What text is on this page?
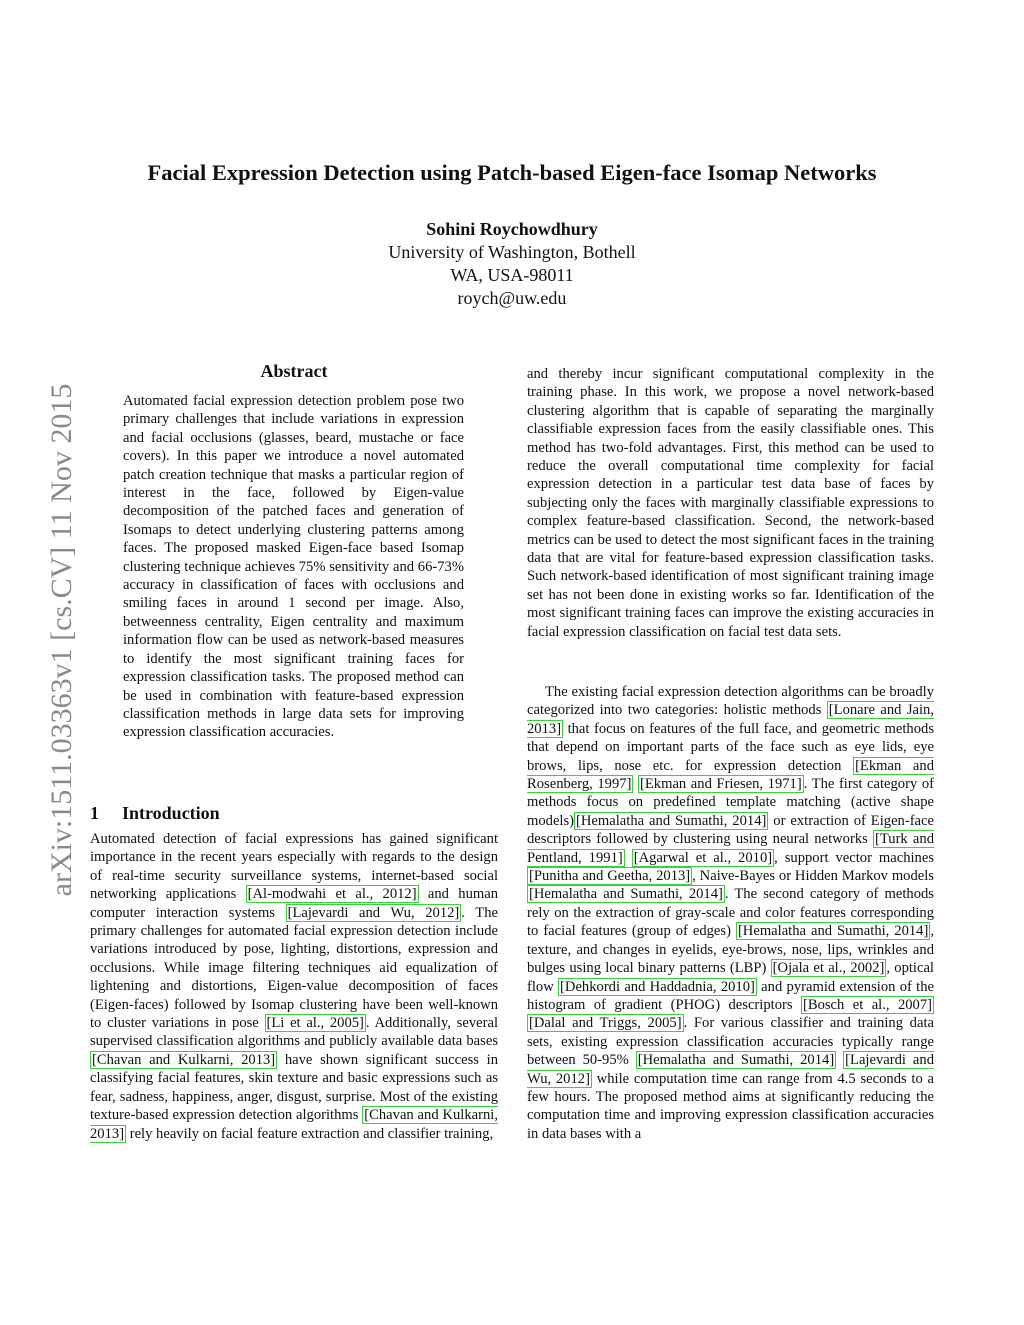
arXiv:1511.03363v1 [cs.CV] 11 Nov 2015
Facial Expression Detection using Patch-based Eigen-face Isomap Networks
Sohini Roychowdhury
University of Washington, Bothell
WA, USA-98011
roych@uw.edu
Abstract
Automated facial expression detection problem pose two primary challenges that include variations in expression and facial occlusions (glasses, beard, mustache or face covers). In this paper we introduce a novel automated patch creation technique that masks a particular region of interest in the face, followed by Eigen-value decomposition of the patched faces and generation of Isomaps to detect underlying clustering patterns among faces. The proposed masked Eigen-face based Isomap clustering technique achieves 75% sensitivity and 66-73% accuracy in classification of faces with occlusions and smiling faces in around 1 second per image. Also, betweenness centrality, Eigen centrality and maximum information flow can be used as network-based measures to identify the most significant training faces for expression classification tasks. The proposed method can be used in combination with feature-based expression classification methods in large data sets for improving expression classification accuracies.
1 Introduction

Automated detection of facial expressions has gained significant importance in the recent years especially with regards to the design of real-time security surveillance systems, internet-based social networking applications [Al-modwahi et al., 2012] and human computer interaction systems [Lajevardi and Wu, 2012] . The primary challenges for automated facial expression detection include variations introduced by pose, lighting, distortions, expression and occlusions. While image filtering techniques aid equalization of lightening and distortions, Eigen-value decomposition of faces (Eigen-faces) followed by Isomap clustering have been well-known to cluster variations in pose [Li et al., 2005] . Additionally, several supervised classification algorithms and publicly available data bases [Chavan and Kulkarni, 2013] have shown significant success in classifying facial features, skin texture and basic expressions such as fear, sadness, happiness, anger, disgust, surprise. Most of the existing texture-based expression detection algorithms [Chavan and Kulkarni, 2013] rely heavily on facial feature extraction and classifier training,

and thereby incur significant computational complexity in the training phase. In this work, we propose a novel network-based clustering algorithm that is capable of separating the marginally classifiable expression faces from the easily classifiable ones. This method has two-fold advantages. First, this method can be used to reduce the overall computational time complexity for facial expression detection in a particular test data base of faces by subjecting only the faces with marginally classifiable expressions to complex feature-based classification. Second, the network-based metrics can be used to detect the most significant faces in the training data that are vital for feature-based expression classification tasks. Such network-based identification of most significant training image set has not been done in existing works so far. Identification of the most significant training faces can improve the existing accuracies in facial expression classification on facial test data sets.

The existing facial expression detection algorithms can be broadly categorized into two categories: holistic methods [Lonare and Jain, 2013] that focus on features of the full face, and geometric methods that depend on important parts of the face such as eye lids, eye brows, lips, nose etc. for expression detection [Ekman and Rosenberg, 1997] [Ekman and Friesen, 1971] . The first category of methods focus on predefined template matching (active shape models) [Hemalatha and Sumathi, 2014] or extraction of Eigen-face descriptors followed by clustering using neural networks [Turk and Pentland, 1991] [Agarwal et al., 2010] , support vector machines [Punitha and Geetha, 2013] , Naive-Bayes or Hidden Markov models [Hemalatha and Sumathi, 2014] . The second category of methods rely on the extraction of gray-scale and color features corresponding to facial features (group of edges) [Hemalatha and Sumathi, 2014] , texture, and changes in eyelids, eye-brows, nose, lips, wrinkles and bulges using local binary patterns (LBP) [Ojala et al., 2002] , optical flow [Dehkordi and Haddadnia, 2010] and pyramid extension of the histogram of gradient (PHOG) descriptors [Bosch et al., 2007] [Dalal and Triggs, 2005] . For various classifier and training data sets, existing expression classification accuracies typically range between 50-95% [Hemalatha and Sumathi, 2014] [Lajevardi and Wu, 2012] while computation time can range from 4.5 seconds to a few hours. The proposed method aims at significantly reducing the computation time and improving expression classification accuracies in data bases with a
